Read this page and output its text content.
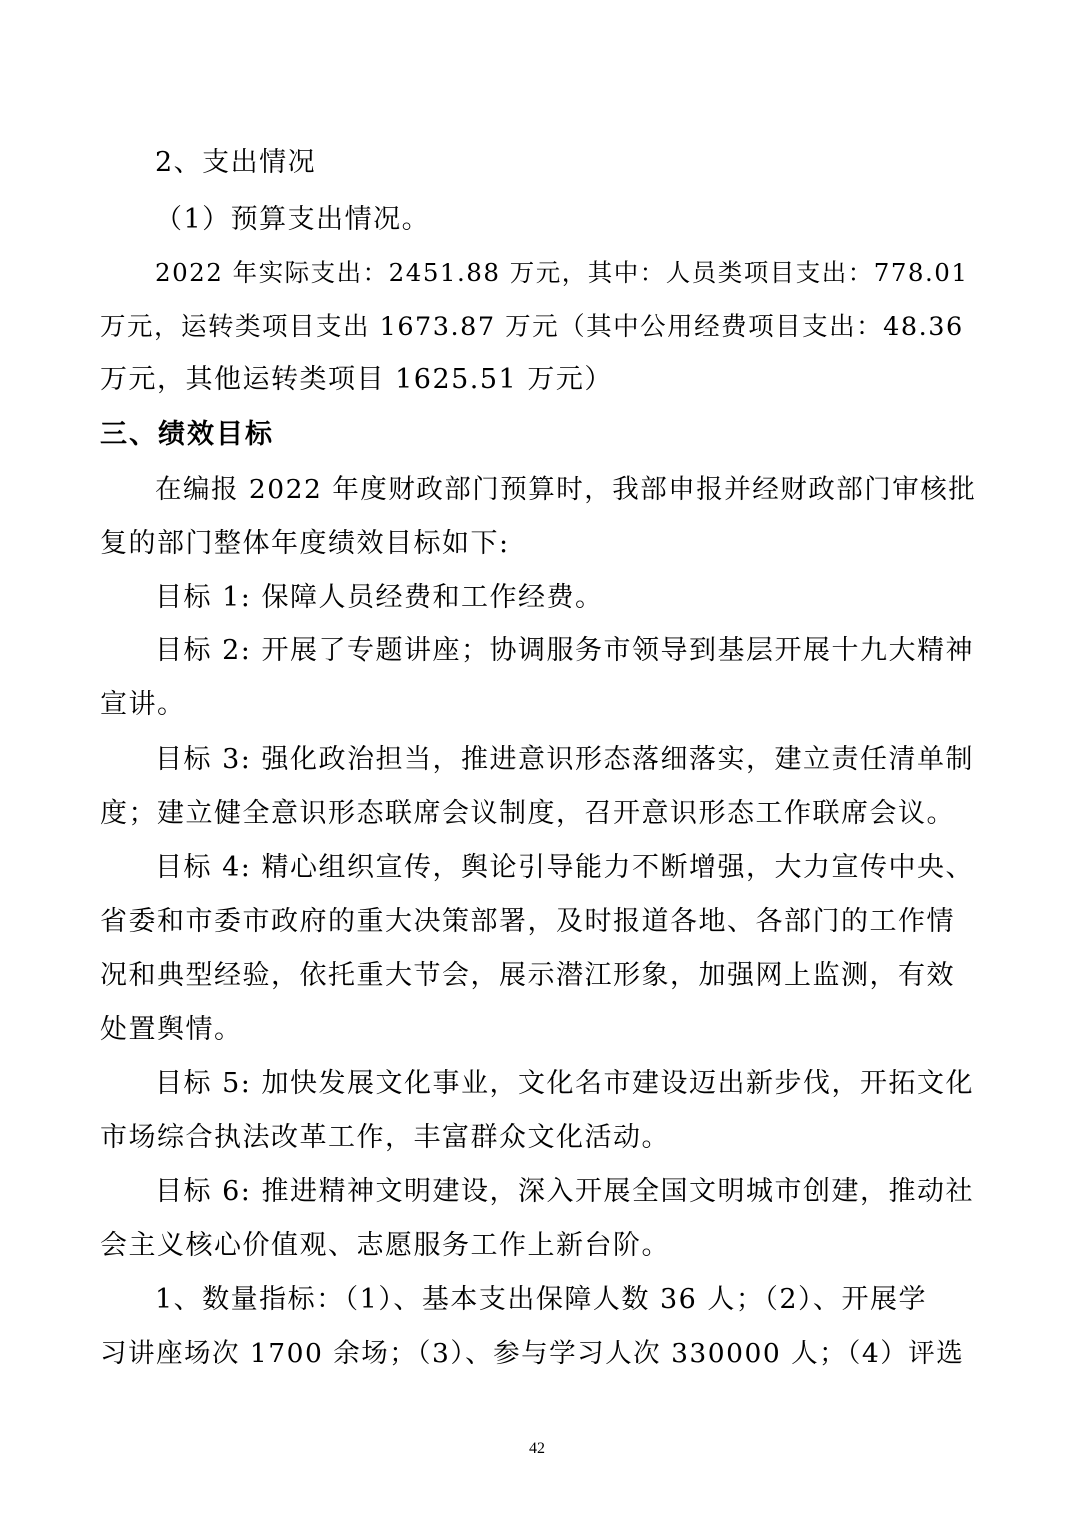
2、支出情况
（1）预算支出情况。
2022 年实际支出：2451.88 万元，其中：人员类项目支出：778.01
万元，运转类项目支出 1673.87 万元（其中公用经费项目支出：48.36
万元，其他运转类项目 1625.51 万元）
三、绩效目标
在编报 2022 年度财政部门预算时，我部申报并经财政部门审核批
复的部门整体年度绩效目标如下:
目标 1: 保障人员经费和工作经费。
目标 2: 开展了专题讲座；协调服务市领导到基层开展十九大精神
宣讲。
目标 3: 强化政治担当，推进意识形态落细落实，建立责任清单制
度；建立健全意识形态联席会议制度，召开意识形态工作联席会议。
目标 4: 精心组织宣传，舆论引导能力不断增强，大力宣传中央、
省委和市委市政府的重大决策部署，及时报道各地、各部门的工作情
况和典型经验，依托重大节会，展示潜江形象，加强网上监测，有效
处置舆情。
目标 5: 加快发展文化事业，文化名市建设迈出新步伐，开拓文化
市场综合执法改革工作，丰富群众文化活动。
目标 6: 推进精神文明建设，深入开展全国文明城市创建，推动社
会主义核心价值观、志愿服务工作上新台阶。
1、数量指标：（1）、基本支出保障人数 36 人；（2）、开展学
习讲座场次 1700 余场；（3）、参与学习人次 330000 人；（4）评选
42
